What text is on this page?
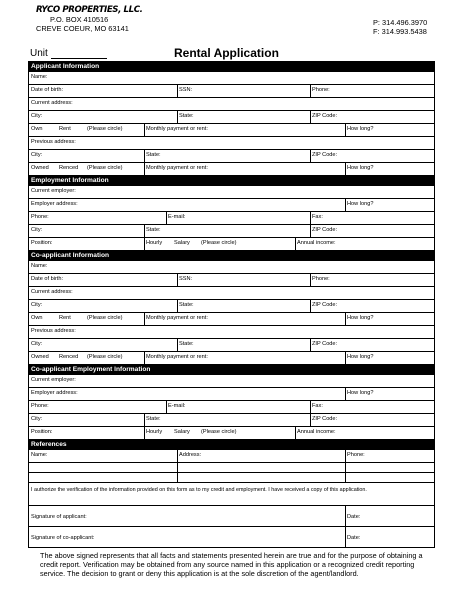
RYCO PROPERTIES, LLC.
P.O. BOX 410516
CREVE COEUR, MO 63141
P: 314.496.3970
F: 314.993.5438
Unit	Rental Application
Applicant Information
Name:
Date of birth:	SSN:	Phone:
Current address:
City:	State:	ZIP Code:
Own	Rent	(Please circle)	Monthly payment or rent:	How long?
Previous address:
City:	State:	ZIP Code:
Owned Renced (Please circle)	Monthly payment or rent:	How long?
Employment Information
Current employer:
Employer address:	How long?
Phone:	E-mail:	Fax:
City:	State:	ZIP Code:
Position:	Hourly Salary (Please circle)	Annual income:
Co-applicant Information
Name:
Date of birth:	SSN:	Phone:
Current address:
City:	State:	ZIP Code:
Own	Rent	(Please circle)	Monthly payment or rent:	How long?
Previous address:
City:	State:	ZIP Code:
Owned Renced (Please circle)	Monthly payment or rent:	How long?
Co-applicant Employment Information
Current employer:
Employer address:	How long?
Phone:	E-mail:	Fax:
City:	State:	ZIP Code:
Position:	Hourly Salary (Please circle)	Annual income:
References
Name:	Address:	Phone:
I authorize the verification of the information provided on this form as to my credit and employment. I have received a copy of this application.
Signature of applicant:	Date:
Signature of co-applicant:	Date:
The above signed represents that all facts and statements presented herein are true and for the purpose of obtaining a credit report. Verification may be obtained from any source named in this application or a recognized credit reporting service. The decision to grant or deny this application is at the sole discretion of the agent/landlord.
